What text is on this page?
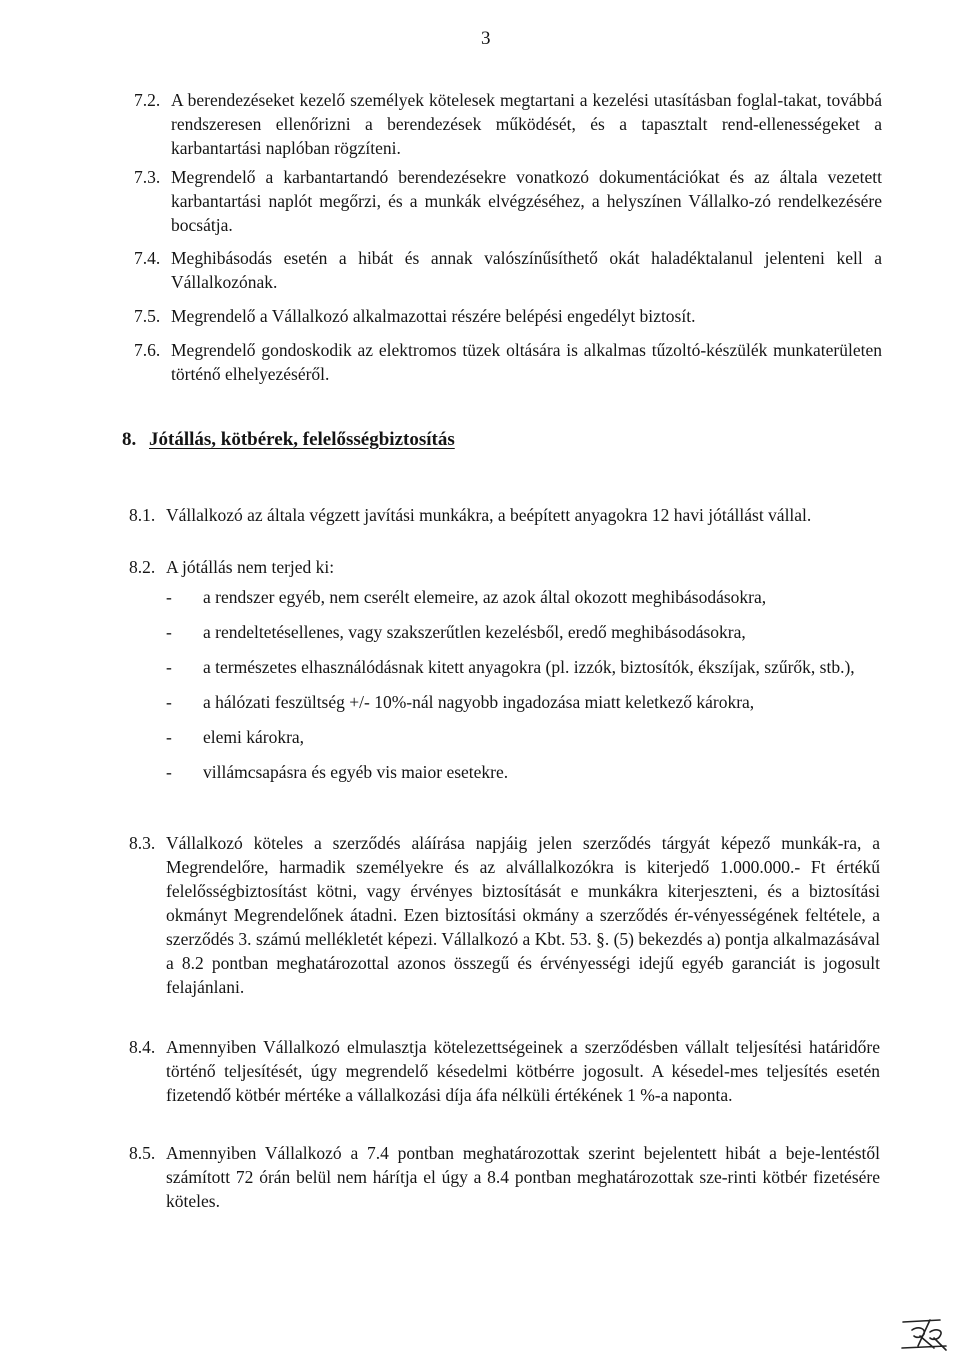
3
7.2. A berendezéseket kezelő személyek kötelesek megtartani a kezelési utasításban foglal-takat, továbbá rendszeresen ellenőrizni a berendezések működését, és a tapasztalt rend-ellenességeket a karbantartási naplóban rögzíteni.
7.3. Megrendelő a karbantartandó berendezésekre vonatkozó dokumentációkat és az általa vezetett karbantartási naplót megőrzi, és a munkák elvégzéséhez, a helyszínen Vállalko-zó rendelkezésére bocsátja.
7.4. Meghibásodás esetén a hibát és annak valószínűsíthető okát haladéktalanul jelenteni kell a Vállalkozónak.
7.5. Megrendelő a Vállalkozó alkalmazottai részére belépési engedélyt biztosít.
7.6. Megrendelő gondoskodik az elektromos tüzek oltására is alkalmas tűzoltó-készülék munkaterületen történő elhelyezéséről.
8. Jótállás, kötbérek, felelősségbiztosítás
8.1. Vállalkozó az általa végzett javítási munkákra, a beépített anyagokra 12 havi jótállást vállal.
8.2. A jótállás nem terjed ki:
- a rendszer egyéb, nem cserélt elemeire, az azok által okozott meghibásodásokra,
- a rendeltetésellenes, vagy szakszerűtlen kezelésből, eredő meghibásodásokra,
- a természetes elhasználódásnak kitett anyagokra (pl. izzók, biztosítók, ékszíjak, szűrők, stb.),
- a hálózati feszültség +/- 10%-nál nagyobb ingadozása miatt keletkező károkra,
- elemi károkra,
- villámcsapásra és egyéb vis maior esetekre.
8.3. Vállalkozó köteles a szerződés aláírása napjáig jelen szerződés tárgyát képező munkák-ra, a Megrendelőre, harmadik személyekre és az alvállalkozókra is kiterjedő 1.000.000.- Ft értékű felelősségbiztosítást kötni, vagy érvényes biztosítását e munkákra kiterjeszteni, és a biztosítási okmányt Megrendelőnek átadni. Ezen biztosítási okmány a szerződés ér-vényességének feltétele, a szerződés 3. számú mellékletét képezi. Vállalkozó a Kbt. 53. §. (5) bekezdés a) pontja alkalmazásával a 8.2 pontban meghatározottal azonos összegű és érvényességi idejű egyéb garanciát is jogosult felajánlani.
8.4. Amennyiben Vállalkozó elmulasztja kötelezettségeinek a szerződésben vállalt teljesítési határidőre történő teljesítését, úgy megrendelő késedelmi kötbérre jogosult. A késedel-mes teljesítés esetén fizetendő kötbér mértéke a vállalkozási díja áfa nélküli értékének 1 %-a naponta.
8.5. Amennyiben Vállalkozó a 7.4 pontban meghatározottak szerint bejelentett hibát a beje-lentéstől számított 72 órán belül nem hárítja el úgy a 8.4 pontban meghatározottak sze-rinti kötbér fizetésére köteles.
